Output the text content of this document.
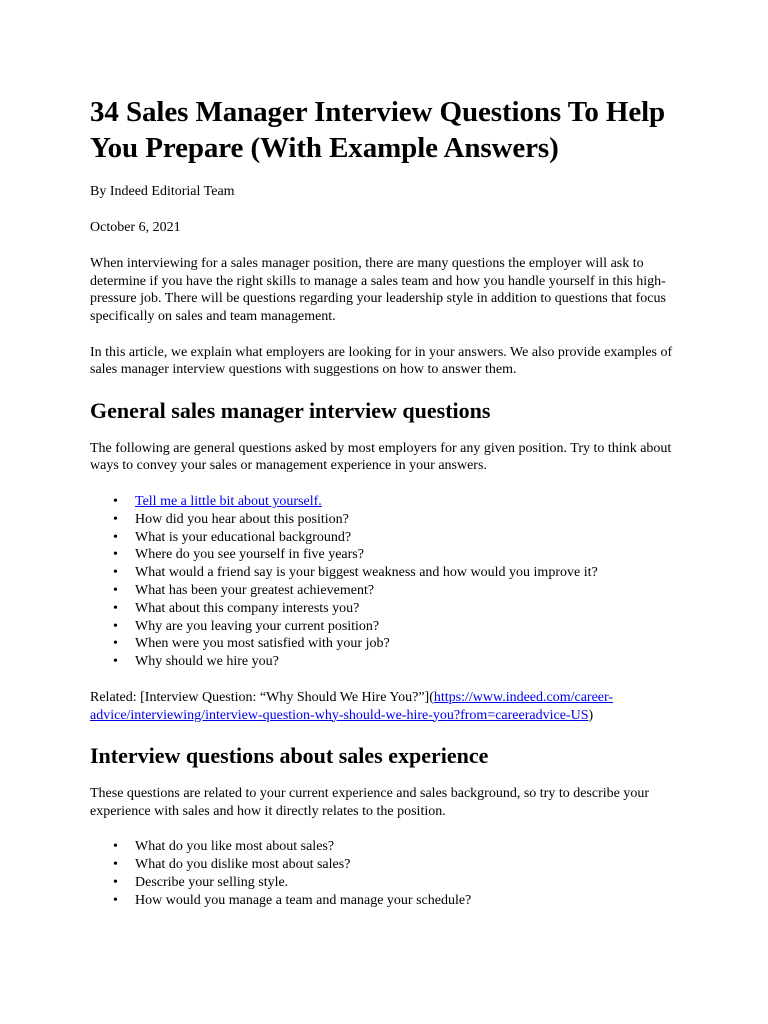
34 Sales Manager Interview Questions To Help You Prepare (With Example Answers)

By Indeed Editorial Team

October 6, 2021

When interviewing for a sales manager position, there are many questions the employer will ask to determine if you have the right skills to manage a sales team and how you handle yourself in this high-pressure job. There will be questions regarding your leadership style in addition to questions that focus specifically on sales and team management.

In this article, we explain what employers are looking for in your answers. We also provide examples of sales manager interview questions with suggestions on how to answer them.

General sales manager interview questions

The following are general questions asked by most employers for any given position. Try to think about ways to convey your sales or management experience in your answers.

• Tell me a little bit about yourself.
• How did you hear about this position?
• What is your educational background?
• Where do you see yourself in five years?
• What would a friend say is your biggest weakness and how would you improve it?
• What has been your greatest achievement?
• What about this company interests you?
• Why are you leaving your current position?
• When were you most satisfied with your job?
• Why should we hire you?

Related: [Interview Question: “Why Should We Hire You?”](https://www.indeed.com/career-advice/interviewing/interview-question-why-should-we-hire-you?from=careeradvice-US)

Interview questions about sales experience

These questions are related to your current experience and sales background, so try to describe your experience with sales and how it directly relates to the position.

• What do you like most about sales?
• What do you dislike most about sales?
• Describe your selling style.
• How would you manage a team and manage your schedule?
